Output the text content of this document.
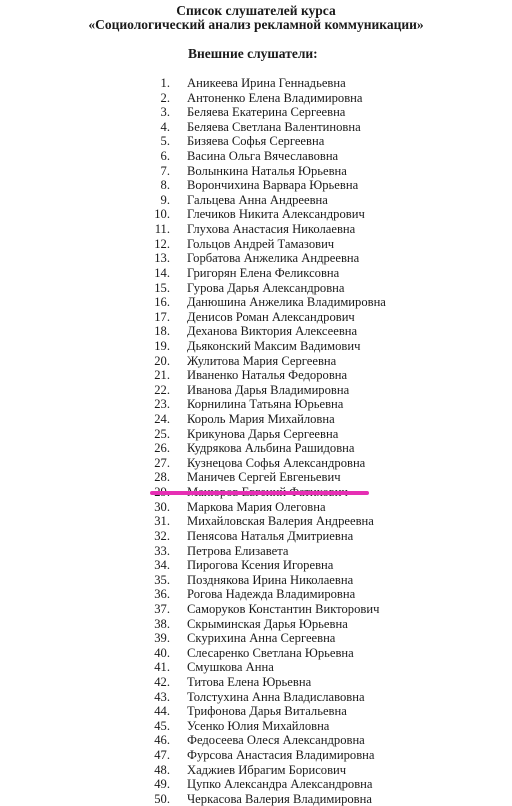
Список слушателей курса
«Социологический анализ рекламной коммуникации»
Внешние слушатели:
1. Аникеева Ирина Геннадьевна
2. Антоненко Елена Владимировна
3. Беляева Екатерина Сергеевна
4. Беляева Светлана Валентиновна
5. Бизяева Софья Сергеевна
6. Васина Ольга Вячеславовна
7. Волынкина Наталья Юрьевна
8. Ворончихина Варвара Юрьевна
9. Гальцева Анна Андреевна
10. Глечиков Никита Александрович
11. Глухова Анастасия Николаевна
12. Гольцов Андрей Тамазович
13. Горбатова Анжелика Андреевна
14. Григорян Елена Феликсовна
15. Гурова Дарья Александровна
16. Данюшина Анжелика Владимировна
17. Денисов Роман Александрович
18. Деханова Виктория Алексеевна
19. Дьяконский Максим Вадимович
20. Жулитова Мария Сергеевна
21. Иваненко Наталья Федоровна
22. Иванова Дарья Владимировна
23. Корнилина Татьяна Юрьевна
24. Король Мария Михайловна
25. Крикунова Дарья Сергеевна
26. Кудрякова Альбина Рашидовна
27. Кузнецова Софья Александровна
28. Маничев Сергей Евгеньевич
30. Маркова Мария Олеговна
31. Михайловская Валерия Андреевна
32. Пенясова Наталья Дмитриевна
33. Петрова Елизавета
34. Пирогова Ксения Игоревна
35. Позднякова Ирина Николаевна
36. Рогова Надежда Владимировна
37. Саморуков Константин Викторович
38. Скрыминская Дарья Юрьевна
39. Скурихина Анна Сергеевна
40. Слесаренко Светлана Юрьевна
41. Смушкова Анна
42. Титова Елена Юрьевна
43. Толстухина Анна Владиславовна
44. Трифонова Дарья Витальевна
45. Усенко Юлия Михайловна
46. Федосеева Олеся Александровна
47. Фурсова Анастасия Владимировна
48. Хаджиев Ибрагим Борисович
49. Цупко Александра Александровна
50. Черкасова Валерия Владимировна
